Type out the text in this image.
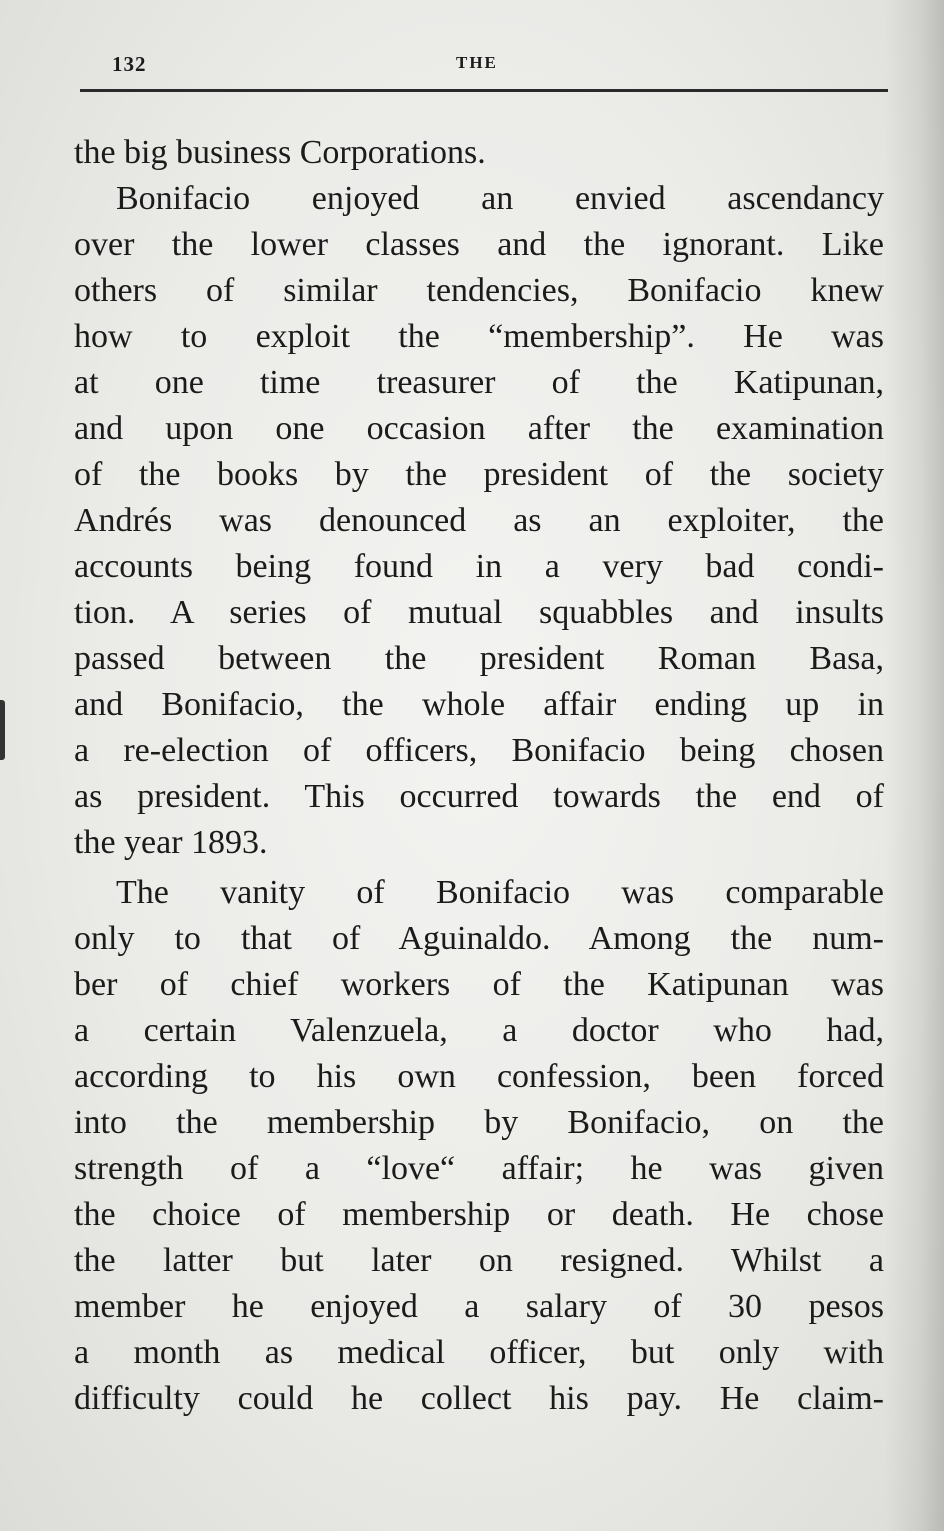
132	THE
the big business Corporations.
Bonifacio enjoyed an envied ascendancy
over the lower classes and the ignorant. Like
others of similar tendencies, Bonifacio knew
how to exploit the “membership”. He was
at one time treasurer of the Katipunan,
and upon one occasion after the examination
of the books by the president of the society
Andrés was denounced as an exploiter, the
accounts being found in a very bad condi-
tion. A series of mutual squabbles and insults
passed between the president Roman Basa,
and Bonifacio, the whole affair ending up in
a re-election of officers, Bonifacio being chosen
as president. This occurred towards the end of
the year 1893.
The vanity of Bonifacio was comparable
only to that of Aguinaldo. Among the num-
ber of chief workers of the Katipunan was
a certain Valenzuela, a doctor who had,
according to his own confession, been forced
into the membership by Bonifacio, on the
strength of a “love“ affair; he was given
the choice of membership or death. He chose
the latter but later on resigned. Whilst a
member he enjoyed a salary of 30 pesos
a month as medical officer, but only with
difficulty could he collect his pay. He claim-
